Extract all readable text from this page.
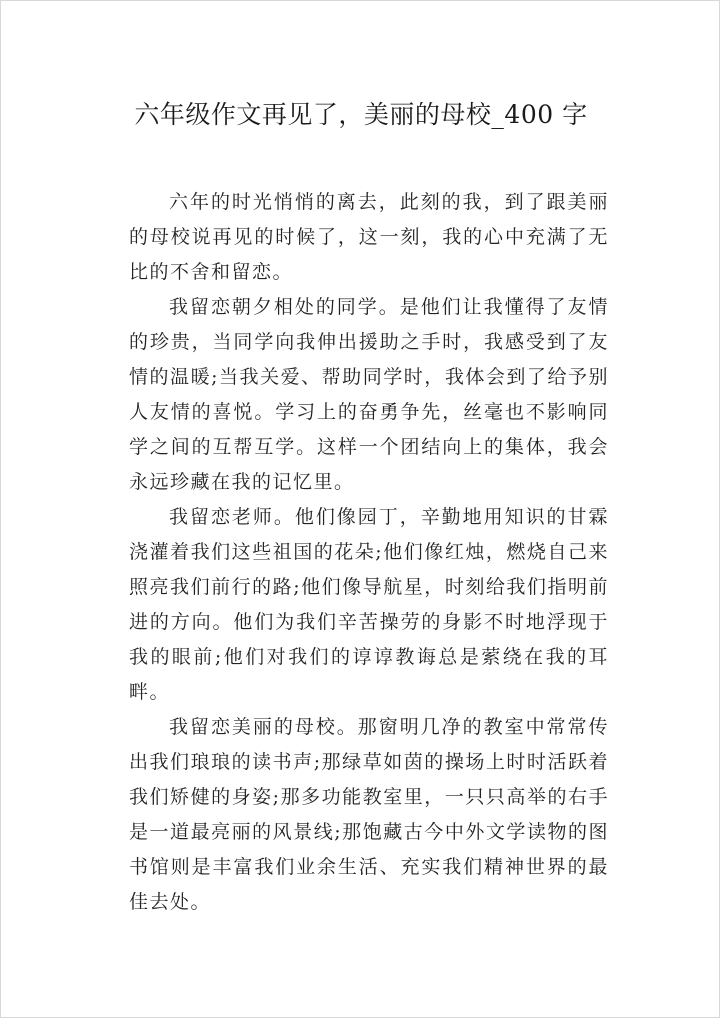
六年级作文再见了，美丽的母校_400 字

六年的时光悄悄的离去，此刻的我，到了跟美丽的母校说再见的时候了，这一刻，我的心中充满了无比的不舍和留恋。

我留恋朝夕相处的同学。是他们让我懂得了友情的珍贵，当同学向我伸出援助之手时，我感受到了友情的温暖;当我关爱、帮助同学时，我体会到了给予别人友情的喜悦。学习上的奋勇争先，丝毫也不影响同学之间的互帮互学。这样一个团结向上的集体，我会永远珍藏在我的记忆里。

我留恋老师。他们像园丁，辛勤地用知识的甘霖浇灌着我们这些祖国的花朵;他们像红烛，燃烧自己来照亮我们前行的路;他们像导航星，时刻给我们指明前进的方向。他们为我们辛苦操劳的身影不时地浮现于我的眼前;他们对我们的谆谆教诲总是萦绕在我的耳畔。

我留恋美丽的母校。那窗明几净的教室中常常传出我们琅琅的读书声;那绿草如茵的操场上时时活跃着我们矫健的身姿;那多功能教室里，一只只高举的右手是一道最亮丽的风景线;那饱藏古今中外文学读物的图书馆则是丰富我们业余生活、充实我们精神世界的最佳去处。
